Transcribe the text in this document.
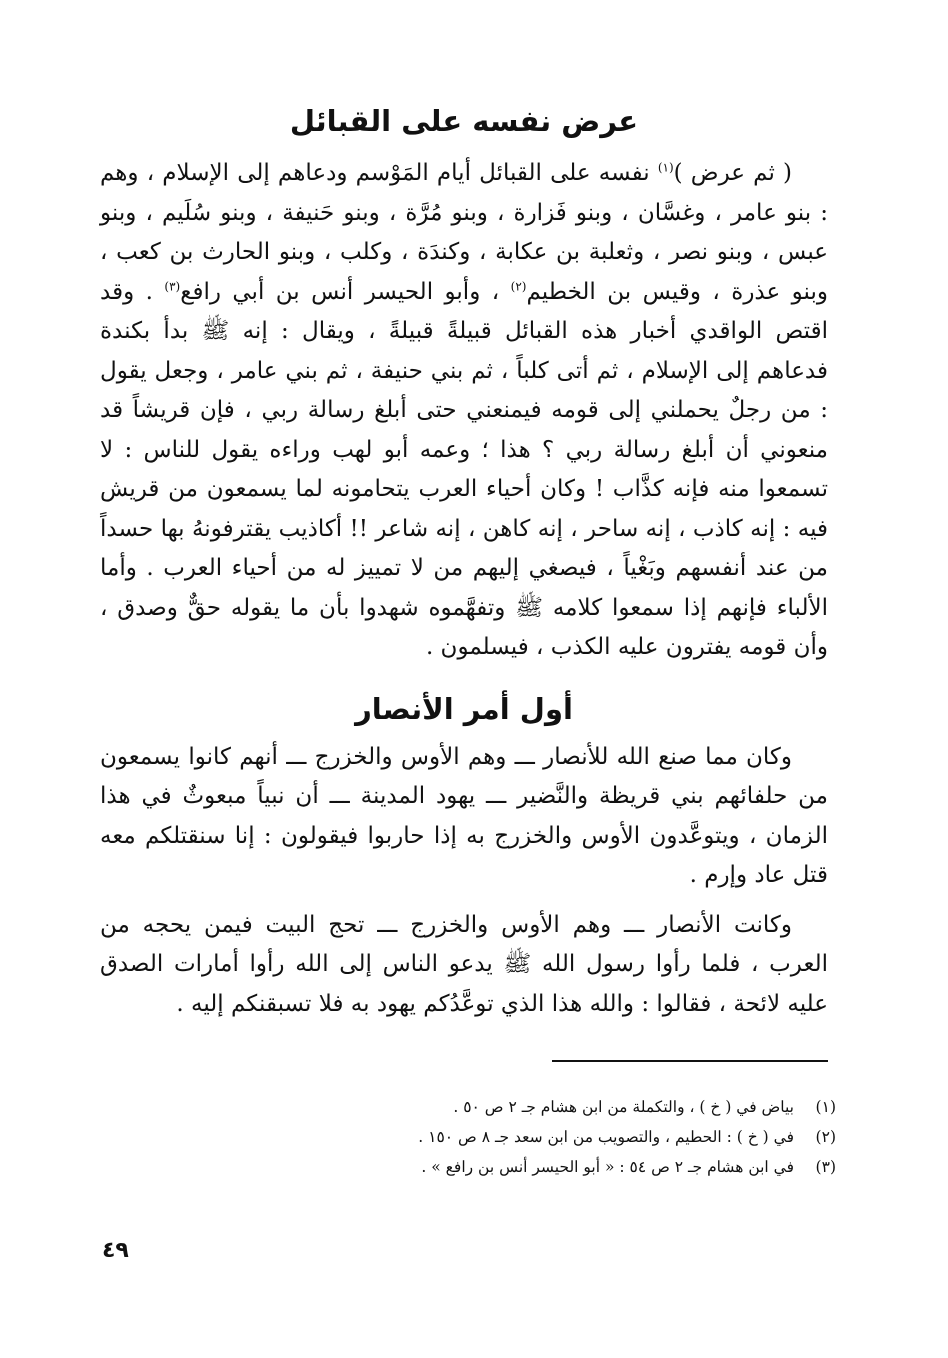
عرض نفسه على القبائل

( ثم عرض )$^{(١)}$ نفسه على القبائل أيام المَوْسم ودعاهم إلى الإسلام ، وهم : بنو عامر ، وغسَّان ، وبنو فَزارة ، وبنو مُرَّة ، وبنو حَنيفة ، وبنو سُلَيم ، وبنو عبس ، وبنو نصر ، وثعلبة بن عكابة ، وكندَة ، وكلب ، وبنو الحارث بن كعب ، وبنو عذرة ، وقيس بن الخطيم$^{(٢)}$ ، وأبو الحيسر أنس بن أبي رافع$^{(٣)}$ . وقد اقتص الواقدي أخبار هذه القبائل قبيلةً قبيلةً ، ويقال : إنه ﷺ بدأ بكندة فدعاهم إلى الإسلام ، ثم أتى كلباً ، ثم بني حنيفة ، ثم بني عامر ، وجعل يقول : من رجلٌ يحملني إلى قومه فيمنعني حتى أبلغ رسالة ربي ، فإن قريشاً قد منعوني أن أبلغ رسالة ربي ؟ هذا ؛ وعمه أبو لهب وراءه يقول للناس : لا تسمعوا منه فإنه كذَّاب ! وكان أحياء العرب يتحامونه لما يسمعون من قريش فيه : إنه كاذب ، إنه ساحر ، إنه كاهن ، إنه شاعر !! أكاذيب يقترفونهُ بها حسداً من عند أنفسهم وبَغْياً ، فيصغي إليهم من لا تمييز له من أحياء العرب . وأما الألباء فإنهم إذا سمعوا كلامه ﷺ وتفهَّموه شهدوا بأن ما يقوله حقٌّ وصدق ، وأن قومه يفترون عليه الكذب ، فيسلمون .

أول أمر الأنصار

وكان مما صنع الله للأنصار ـــ وهم الأوس والخزرج ـــ أنهم كانوا يسمعون من حلفائهم بني قريظة والنَّضير ـــ يهود المدينة ـــ أن نبياً مبعوثٌ في هذا الزمان ، ويتوعَّدون الأوس والخزرج به إذا حاربوا فيقولون : إنا سنقتلكم معه قتل عاد وإرم .

وكانت الأنصار ـــ وهم الأوس والخزرج ـــ تحج البيت فيمن يحجه من العرب ، فلما رأوا رسول الله ﷺ يدعو الناس إلى الله رأوا أمارات الصدق عليه لائحة ، فقالوا : والله هذا الذي توعَّدُكم يهود به فلا تسبقنكم إليه .

(١)
بياض في ( خ ) ، والتكملة من ابن هشام جـ ٢ ص ٥٠ .
(٢)
في ( خ ) : الحطيم ، والتصويب من ابن سعد جـ ٨ ص ١٥٠ .
(٣)
في ابن هشام جـ ٢ ص ٥٤ : « أبو الحيسر أنس بن رافع » .
٤٩
